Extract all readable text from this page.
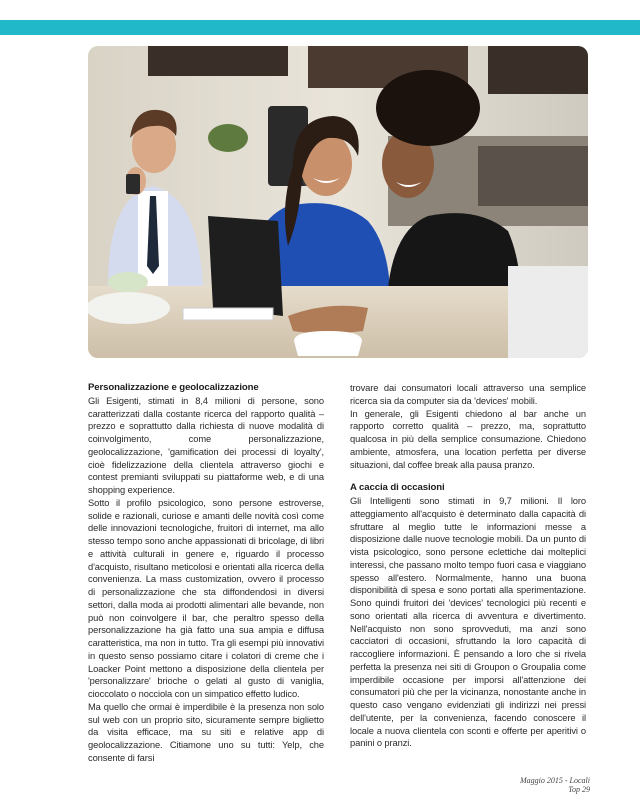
Personalizzazione e geolocalizzazione

Gli Esigenti, stimati in 8,4 milioni di persone, sono caratterizzati dalla costante ricerca del rapporto qualità – prezzo e soprattutto dalla richiesta di nuove modalità di coinvolgimento, come personalizzazione, geolocalizzazione, 'gamification dei processi di loyalty', cioè fidelizzazione della clientela attraverso giochi e contest premianti sviluppati su piattaforme web, e di una shopping experience.

Sotto il profilo psicologico, sono persone estroverse, solide e razionali, curiose e amanti delle novità così come delle innovazioni tecnologiche, fruitori di internet, ma allo stesso tempo sono anche appassionati di bricolage, di libri e attività culturali in genere e, riguardo il processo d'acquisto, risultano meticolosi e orientati alla ricerca della convenienza. La mass customization, ovvero il processo di personalizzazione che sta diffondendosi in diversi settori, dalla moda ai prodotti alimentari alle bevande, non può non coinvolgere il bar, che peraltro spesso della personalizzazione ha già fatto una sua ampia e diffusa caratteristica, ma non in tutto. Tra gli esempi più innovativi in questo senso possiamo citare i colatori di creme che i Loacker Point mettono a disposizione della clientela per 'personalizzare' brioche o gelati al gusto di vaniglia, cioccolato o nocciola con un simpatico effetto ludico.

Ma quello che ormai è imperdibile è la presenza non solo sul web con un proprio sito, sicuramente sempre biglietto da visita efficace, ma su siti e relative app di geolocalizzazione. Citiamone uno su tutti: Yelp, che consente di farsi

trovare dai consumatori locali attraverso una semplice ricerca sia da computer sia da 'devices' mobili.

In generale, gli Esigenti chiedono al bar anche un rapporto corretto qualità – prezzo, ma, soprattutto qualcosa in più della semplice consumazione. Chiedono ambiente, atmosfera, una location perfetta per diverse situazioni, dal coffee break alla pausa pranzo.

A caccia di occasioni

Gli Intelligenti sono stimati in 9,7 milioni. Il loro atteggiamento all'acquisto è determinato dalla capacità di sfruttare al meglio tutte le informazioni messe a disposizione dalle nuove tecnologie mobili. Da un punto di vista psicologico, sono persone eclettiche dai molteplici interessi, che passano molto tempo fuori casa e viaggiano spesso all'estero. Normalmente, hanno una buona disponibilità di spesa e sono portati alla sperimentazione. Sono quindi fruitori dei 'devices' tecnologici più recenti e sono orientati alla ricerca di avventura e divertimento. Nell'acquisto non sono sprovveduti, ma anzi sono cacciatori di occasioni, sfruttando la loro capacità di raccogliere informazioni. È pensando a loro che si rivela perfetta la presenza nei siti di Groupon o Groupalia come imperdibile occasione per imporsi all'attenzione dei consumatori più che per la vicinanza, nonostante anche in questo caso vengano evidenziati gli indirizzi nei pressi dell'utente, per la convenienza, facendo conoscere il locale a nuova clientela con sconti e offerte per aperitivi o panini o pranzi.

Maggio 2015 - Locali Top 29
